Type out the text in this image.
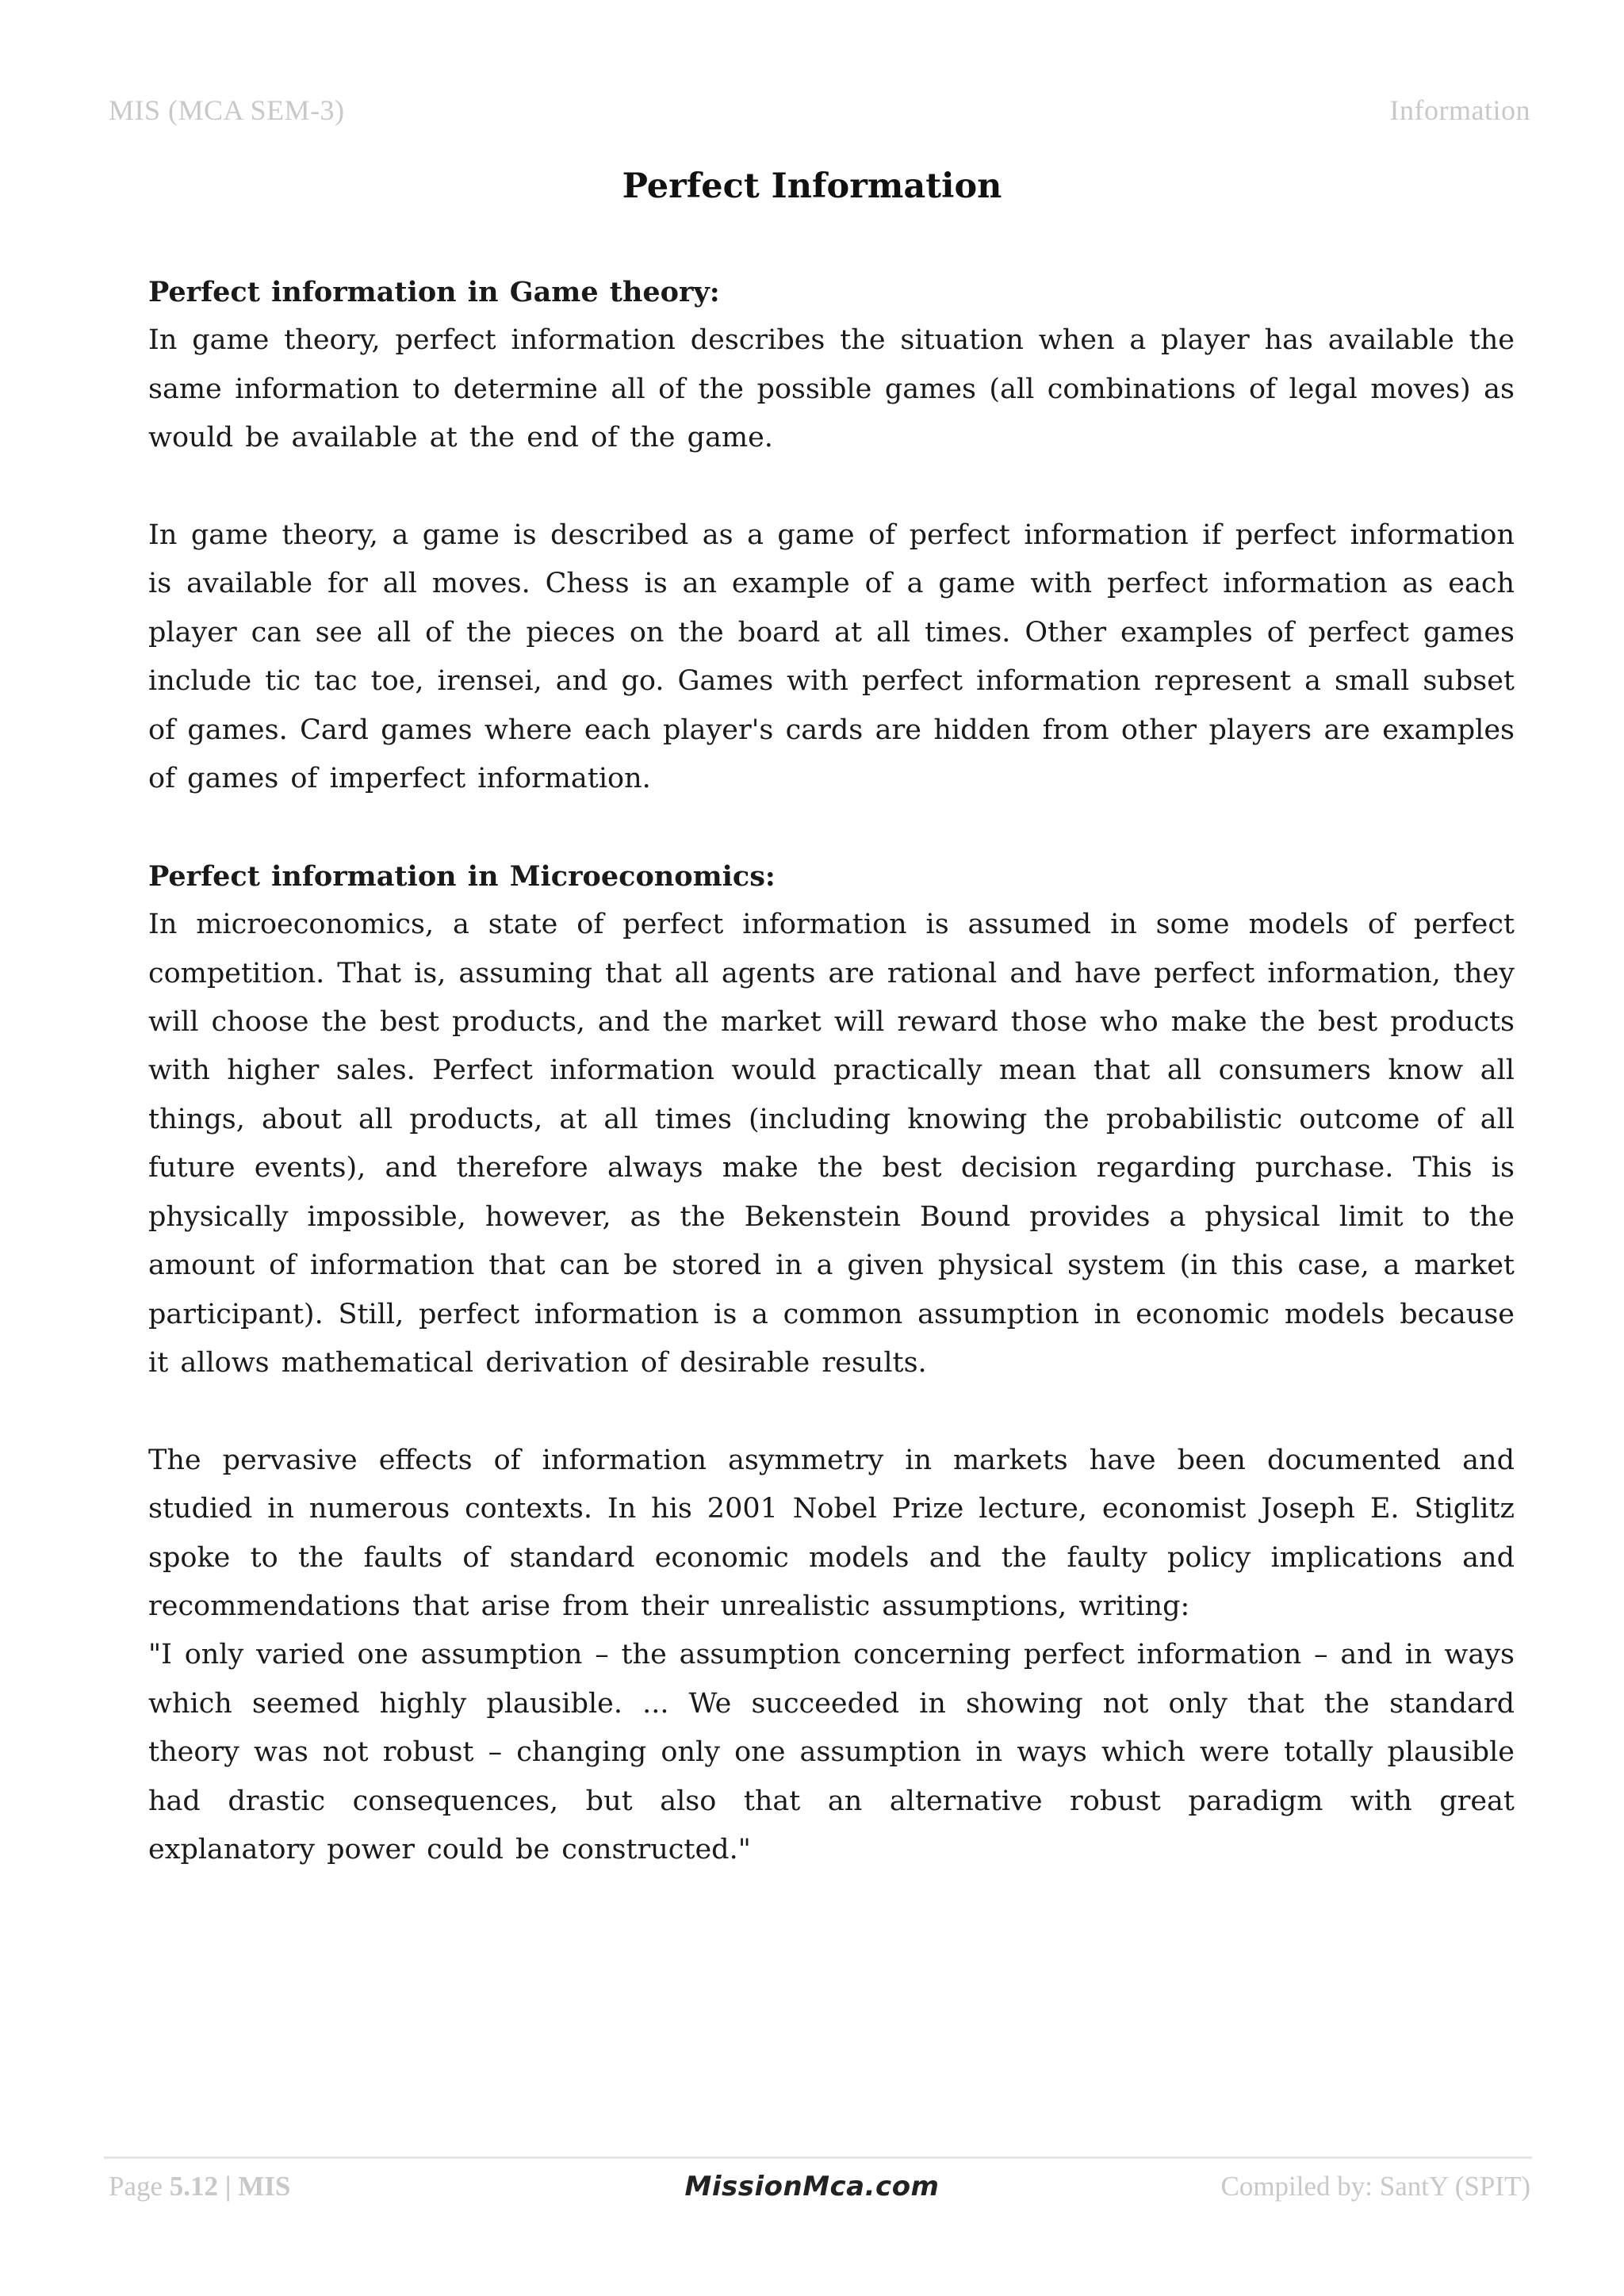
MIS (MCA SEM-3)	Information
Perfect Information

Perfect information in Game theory:

In game theory, perfect information describes the situation when a player has available the same information to determine all of the possible games (all combinations of legal moves) as would be available at the end of the game.

In game theory, a game is described as a game of perfect information if perfect information is available for all moves. Chess is an example of a game with perfect information as each player can see all of the pieces on the board at all times. Other examples of perfect games include tic tac toe, irensei, and go. Games with perfect information represent a small subset of games. Card games where each player's cards are hidden from other players are examples of games of imperfect information.

Perfect information in Microeconomics:

In microeconomics, a state of perfect information is assumed in some models of perfect competition. That is, assuming that all agents are rational and have perfect information, they will choose the best products, and the market will reward those who make the best products with higher sales. Perfect information would practically mean that all consumers know all things, about all products, at all times (including knowing the probabilistic outcome of all future events), and therefore always make the best decision regarding purchase. This is physically impossible, however, as the Bekenstein Bound provides a physical limit to the amount of information that can be stored in a given physical system (in this case, a market participant). Still, perfect information is a common assumption in economic models because it allows mathematical derivation of desirable results.

The pervasive effects of information asymmetry in markets have been documented and studied in numerous contexts. In his 2001 Nobel Prize lecture, economist Joseph E. Stiglitz spoke to the faults of standard economic models and the faulty policy implications and recommendations that arise from their unrealistic assumptions, writing:

"I only varied one assumption – the assumption concerning perfect information – and in ways which seemed highly plausible. ... We succeeded in showing not only that the standard theory was not robust – changing only one assumption in ways which were totally plausible had drastic consequences, but also that an alternative robust paradigm with great explanatory power could be constructed."

Page 5.12 | MIS	MissionMca.com	Compiled by: SantY (SPIT)
